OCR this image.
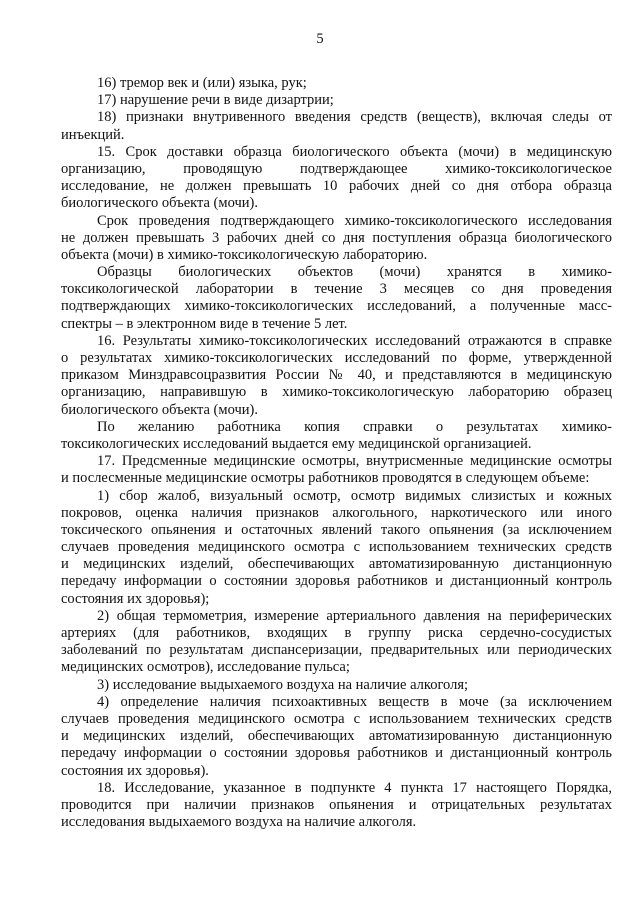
5
16) тремор век и (или) языка, рук;
17) нарушение речи в виде дизартрии;
18) признаки внутривенного введения средств (веществ), включая следы от
инъекций.
15. Срок доставки образца биологического объекта (мочи) в медицинскую
организацию, проводящую подтверждающее химико-токсикологическое
исследование, не должен превышать 10 рабочих дней со дня отбора образца
биологического объекта (мочи).
Срок проведения подтверждающего химико-токсикологического исследования
не должен превышать 3 рабочих дней со дня поступления образца биологического
объекта (мочи) в химико-токсикологическую лабораторию.
Образцы биологических объектов (мочи) хранятся в химико-
токсикологической лаборатории в течение 3 месяцев со дня проведения
подтверждающих химико-токсикологических исследований, а полученные масс-
спектры – в электронном виде в течение 5 лет.
16. Результаты химико-токсикологических исследований отражаются в справке
о результатах химико-токсикологических исследований по форме, утвержденной
приказом Минздравсоцразвития России № 40, и представляются в медицинскую
организацию, направившую в химико-токсикологическую лабораторию образец
биологического объекта (мочи).
По желанию работника копия справки о результатах химико-
токсикологических исследований выдается ему медицинской организацией.
17. Предсменные медицинские осмотры, внутрисменные медицинские осмотры
и послесменные медицинские осмотры работников проводятся в следующем объеме:
1) сбор жалоб, визуальный осмотр, осмотр видимых слизистых и кожных
покровов, оценка наличия признаков алкогольного, наркотического или иного
токсического опьянения и остаточных явлений такого опьянения (за исключением
случаев проведения медицинского осмотра с использованием технических средств
и медицинских изделий, обеспечивающих автоматизированную дистанционную
передачу информации о состоянии здоровья работников и дистанционный контроль
состояния их здоровья);
2) общая термометрия, измерение артериального давления на периферических
артериях (для работников, входящих в группу риска сердечно-сосудистых
заболеваний по результатам диспансеризации, предварительных или периодических
медицинских осмотров), исследование пульса;
3) исследование выдыхаемого воздуха на наличие алкоголя;
4) определение наличия психоактивных веществ в моче (за исключением
случаев проведения медицинского осмотра с использованием технических средств
и медицинских изделий, обеспечивающих автоматизированную дистанционную
передачу информации о состоянии здоровья работников и дистанционный контроль
состояния их здоровья).
18. Исследование, указанное в подпункте 4 пункта 17 настоящего Порядка,
проводится при наличии признаков опьянения и отрицательных результатах
исследования выдыхаемого воздуха на наличие алкоголя.
